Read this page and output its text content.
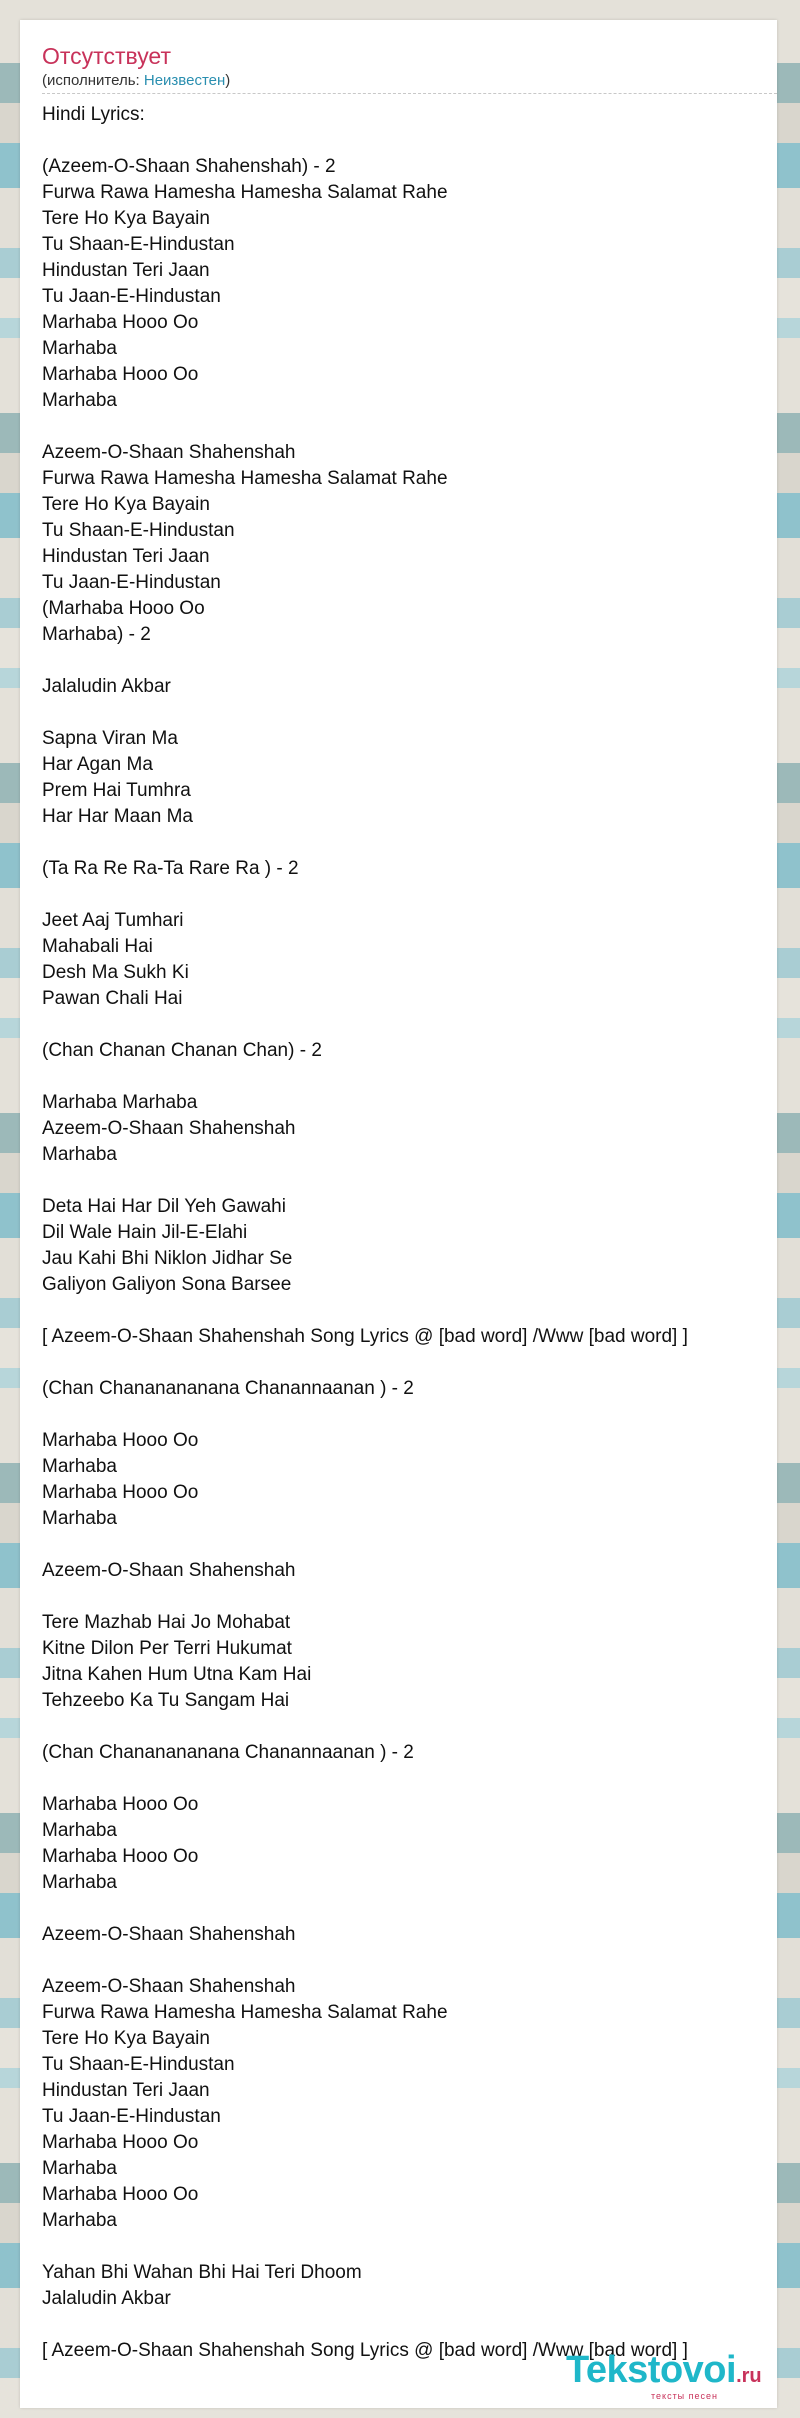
Отсутствует

(исполнитель: Неизвестен)

Hindi Lyrics:
(Azeem-O-Shaan Shahenshah) - 2
Furwa Rawa Hamesha Hamesha Salamat Rahe
Tere Ho Kya Bayain
Tu Shaan-E-Hindustan
Hindustan Teri Jaan
Tu Jaan-E-Hindustan
Marhaba Hooo Oo
Marhaba
Marhaba Hooo Oo
Marhaba
Azeem-O-Shaan Shahenshah
Furwa Rawa Hamesha Hamesha Salamat Rahe
Tere Ho Kya Bayain
Tu Shaan-E-Hindustan
Hindustan Teri Jaan
Tu Jaan-E-Hindustan
(Marhaba Hooo Oo
Marhaba) - 2
Jalaludin Akbar
Sapna Viran Ma
Har Agan Ma
Prem Hai Tumhra
Har Har Maan Ma
(Ta Ra Re Ra-Ta Rare Ra ) - 2
Jeet Aaj Tumhari
Mahabali Hai
Desh Ma Sukh Ki
Pawan Chali Hai
(Chan Chanan Chanan Chan) - 2
Marhaba Marhaba
Azeem-O-Shaan Shahenshah
Marhaba
Deta Hai Har Dil Yeh Gawahi
Dil Wale Hain Jil-E-Elahi
Jau Kahi Bhi Niklon Jidhar Se
Galiyon Galiyon Sona Barsee
[ Azeem-O-Shaan Shahenshah Song Lyrics @ [bad word] /Www [bad word] ]
(Chan Chananananana Chanannaanan ) - 2
Marhaba Hooo Oo
Marhaba
Marhaba Hooo Oo
Marhaba
Azeem-O-Shaan Shahenshah
Tere Mazhab Hai Jo Mohabat
Kitne Dilon Per Terri Hukumat
Jitna Kahen Hum Utna Kam Hai
Tehzeebo Ka Tu Sangam Hai
(Chan Chananananana Chanannaanan ) - 2
Marhaba Hooo Oo
Marhaba
Marhaba Hooo Oo
Marhaba
Azeem-O-Shaan Shahenshah
Azeem-O-Shaan Shahenshah
Furwa Rawa Hamesha Hamesha Salamat Rahe
Tere Ho Kya Bayain
Tu Shaan-E-Hindustan
Hindustan Teri Jaan
Tu Jaan-E-Hindustan
Marhaba Hooo Oo
Marhaba
Marhaba Hooo Oo
Marhaba
Yahan Bhi Wahan Bhi Hai Teri Dhoom
Jalaludin Akbar
[ Azeem-O-Shaan Shahenshah Song Lyrics @ [bad word] /Www [bad word] ]
Tekstovoi.ru
тексты песен
